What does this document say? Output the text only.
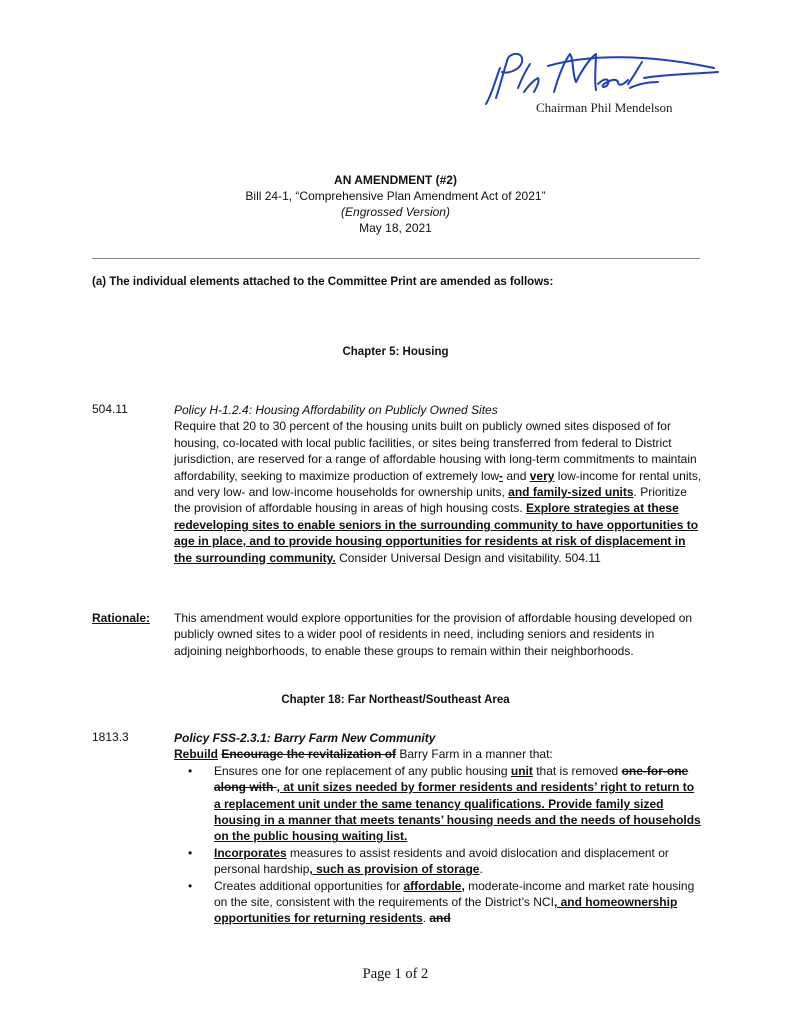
Chairman Phil Mendelson
AN AMENDMENT (#2)
Bill 24-1, “Comprehensive Plan Amendment Act of 2021”
(Engrossed Version)
May 18, 2021
(a) The individual elements attached to the Committee Print are amended as follows:
Chapter 5: Housing
504.11	Policy H-1.2.4: Housing Affordability on Publicly Owned Sites
Require that 20 to 30 percent of the housing units built on publicly owned sites disposed of for housing, co-located with local public facilities, or sites being transferred from federal to District jurisdiction, are reserved for a range of affordable housing with long-term commitments to maintain affordability, seeking to maximize production of extremely low- and very low-income for rental units, and very low- and low-income households for ownership units, and family-sized units. Prioritize the provision of affordable housing in areas of high housing costs. Explore strategies at these redeveloping sites to enable seniors in the surrounding community to have opportunities to age in place, and to provide housing opportunities for residents at risk of displacement in the surrounding community. Consider Universal Design and visitability. 504.11
Rationale: This amendment would explore opportunities for the provision of affordable housing developed on publicly owned sites to a wider pool of residents in need, including seniors and residents in adjoining neighborhoods, to enable these groups to remain within their neighborhoods.
Chapter 18: Far Northeast/Southeast Area
1813.3	Policy FSS-2.3.1: Barry Farm New Community
Rebuild Encourage the revitalization of Barry Farm in a manner that:
• Ensures one for one replacement of any public housing unit that is removed one-for-one along with , at unit sizes needed by former residents and residents’ right to return to a replacement unit under the same tenancy qualifications. Provide family sized housing in a manner that meets tenants’ housing needs and the needs of households on the public housing waiting list.
• Incorporates measures to assist residents and avoid dislocation and displacement or personal hardship, such as provision of storage.
• Creates additional opportunities for affordable, moderate-income and market rate housing on the site, consistent with the requirements of the District’s NCI, and homeownership opportunities for returning residents. and
Page 1 of 2
